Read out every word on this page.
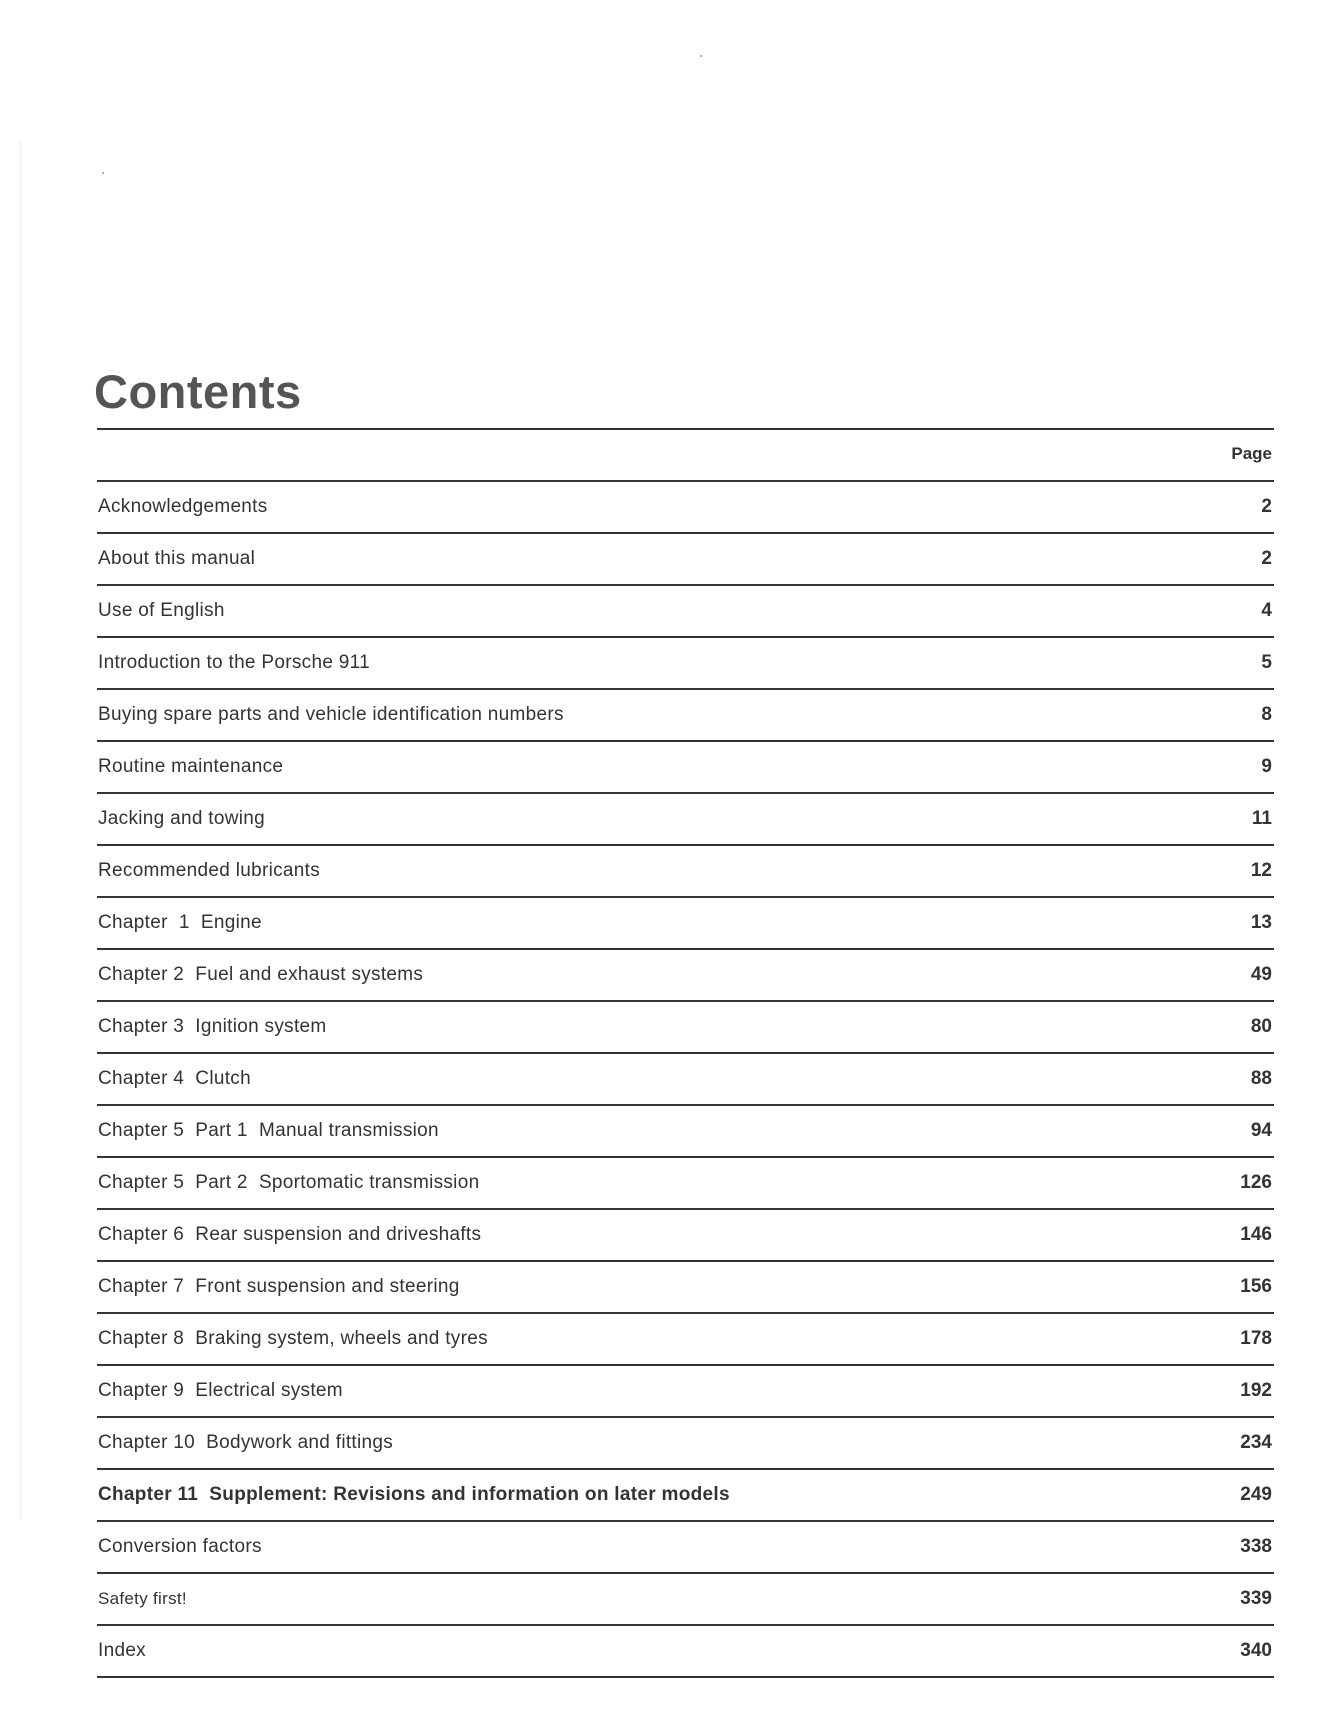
Contents
Page
Acknowledgements	2
About this manual	2
Use of English	4
Introduction to the Porsche 911	5
Buying spare parts and vehicle identification numbers	8
Routine maintenance	9
Jacking and towing	11
Recommended lubricants	12
Chapter  1  Engine	13
Chapter 2  Fuel and exhaust systems	49
Chapter 3  Ignition system	80
Chapter 4  Clutch	88
Chapter 5  Part 1  Manual transmission	94
Chapter 5  Part 2  Sportomatic transmission	126
Chapter 6  Rear suspension and driveshafts	146
Chapter 7  Front suspension and steering	156
Chapter 8  Braking system, wheels and tyres	178
Chapter 9  Electrical system	192
Chapter 10  Bodywork and fittings	234
Chapter 11  Supplement: Revisions and information on later models	249
Conversion factors	338
Safety first!	339
Index	340
